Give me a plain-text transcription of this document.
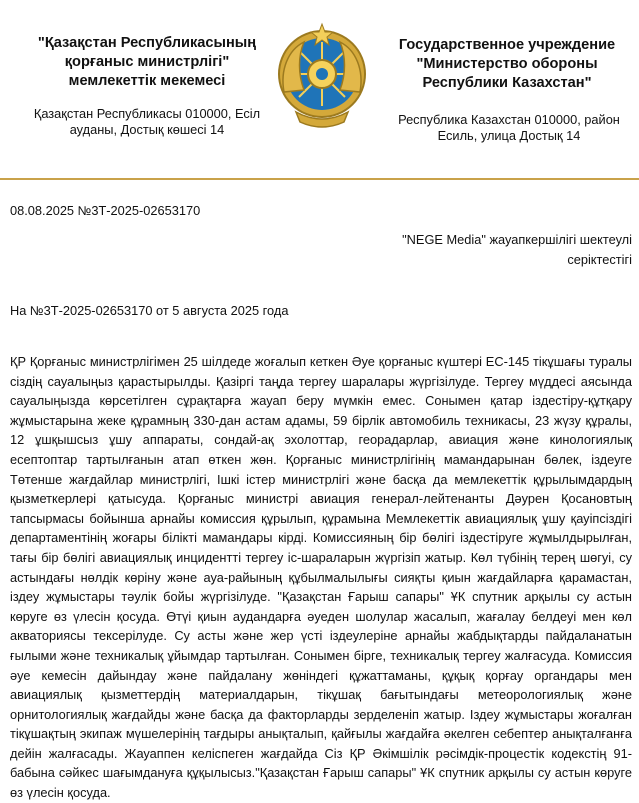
"Қазақстан Республикасының қорғаныс министрлігі" мемлекеттік мекемесі
Қазақстан Республикасы 010000, Есіл ауданы, Достық көшесі 14
Государственное учреждение "Министерство обороны Республики Казахстан"
Республика Казахстан 010000, район Есиль, улица Достық 14
08.08.2025 №3Т-2025-02653170
"NEGE Media" жауапкершілігі шектеулі серіктестігі
На №3Т-2025-02653170 от 5 августа 2025 года
ҚР Қорғаныс министрлігімен 25 шілдеде жоғалып кеткен Әуе қорғаныс күштері EC-145 тікұшағы туралы сіздің сауалыңыз қарастырылды. Қазіргі таңда тергеу шаралары жүргізілуде. Тергеу мүддесі аясында сауалыңызда көрсетілген сұрақтарға жауап беру мүмкін емес. Сонымен қатар іздестіру-құтқару жұмыстарына жеке құрамның 330-дан астам адамы, 59 бірлік автомобиль техникасы, 23 жүзу құралы, 12 ұшқышсыз ұшу аппараты, сондай-ақ эхолоттар, георадарлар, авиация және кинологиялық есептоптар тартылғанын атап өткен жөн. Қорғаныс министрлігінің мамандарынан бөлек, іздеуге Төтенше жағдайлар министрлігі, Ішкі істер министрлігі және басқа да мемлекеттік құрылымдардың қызметкерлері қатысуда. Қорғаныс министрі авиация генерал-лейтенанты Дәурен Қосановтың тапсырмасы бойынша арнайы комиссия құрылып, құрамына Мемлекеттік авиациялық ұшу қауіпсіздігі департаментінің жоғары білікті мамандары кірді. Комиссияның бір бөлігі іздестіруге жұмылдырылған, тағы бір бөлігі авиациялық инцидентті тергеу іс-шараларын жүргізіп жатыр. Көл түбінің терең шөгуі, су астындағы нөлдік көріну және ауа-райының құбылмалылығы сияқты қиын жағдайларға қарамастан, іздеу жұмыстары тәулік бойы жүргізілуде. "Қазақстан Ғарыш сапары" ҰК спутник арқылы су астын көруге өз үлесін қосуда. Өтүі қиын аудандарға әуеден шолулар жасалып, жағалау белдеуі мен көл акваториясы тексерілуде. Су асты және жер үсті іздеулеріне арнайы жабдықтарды пайдаланатын ғылыми және техникалық ұйымдар тартылған. Сонымен бірге, техникалық тергеу жалғасуда. Комиссия әуе кемесін дайындау және пайдалану жөніндегі құжаттаманы, құқық қорғау органдары мен авиациялық қызметтердің материалдарын, тікұшақ бағытындағы метеорологиялық және орнитологиялық жағдайды және басқа да факторларды зерделеніп жатыр. Іздеу жұмыстары жоғалған тікұшақтың экипаж мүшелерінің тағдыры анықталып, қайғылы жағдайға әкелген себептер анықталғанға дейін жалғасады. Жауаппен келіспеген жағдайда Сіз ҚР Әкімшілік рәсімдік-процестік кодекстің 91-бабына сәйкес шағымдануға құқылысыз."Қазақстан Ғарыш сапары" ҰК спутник арқылы су астын көруге өз үлесін қосуда.
